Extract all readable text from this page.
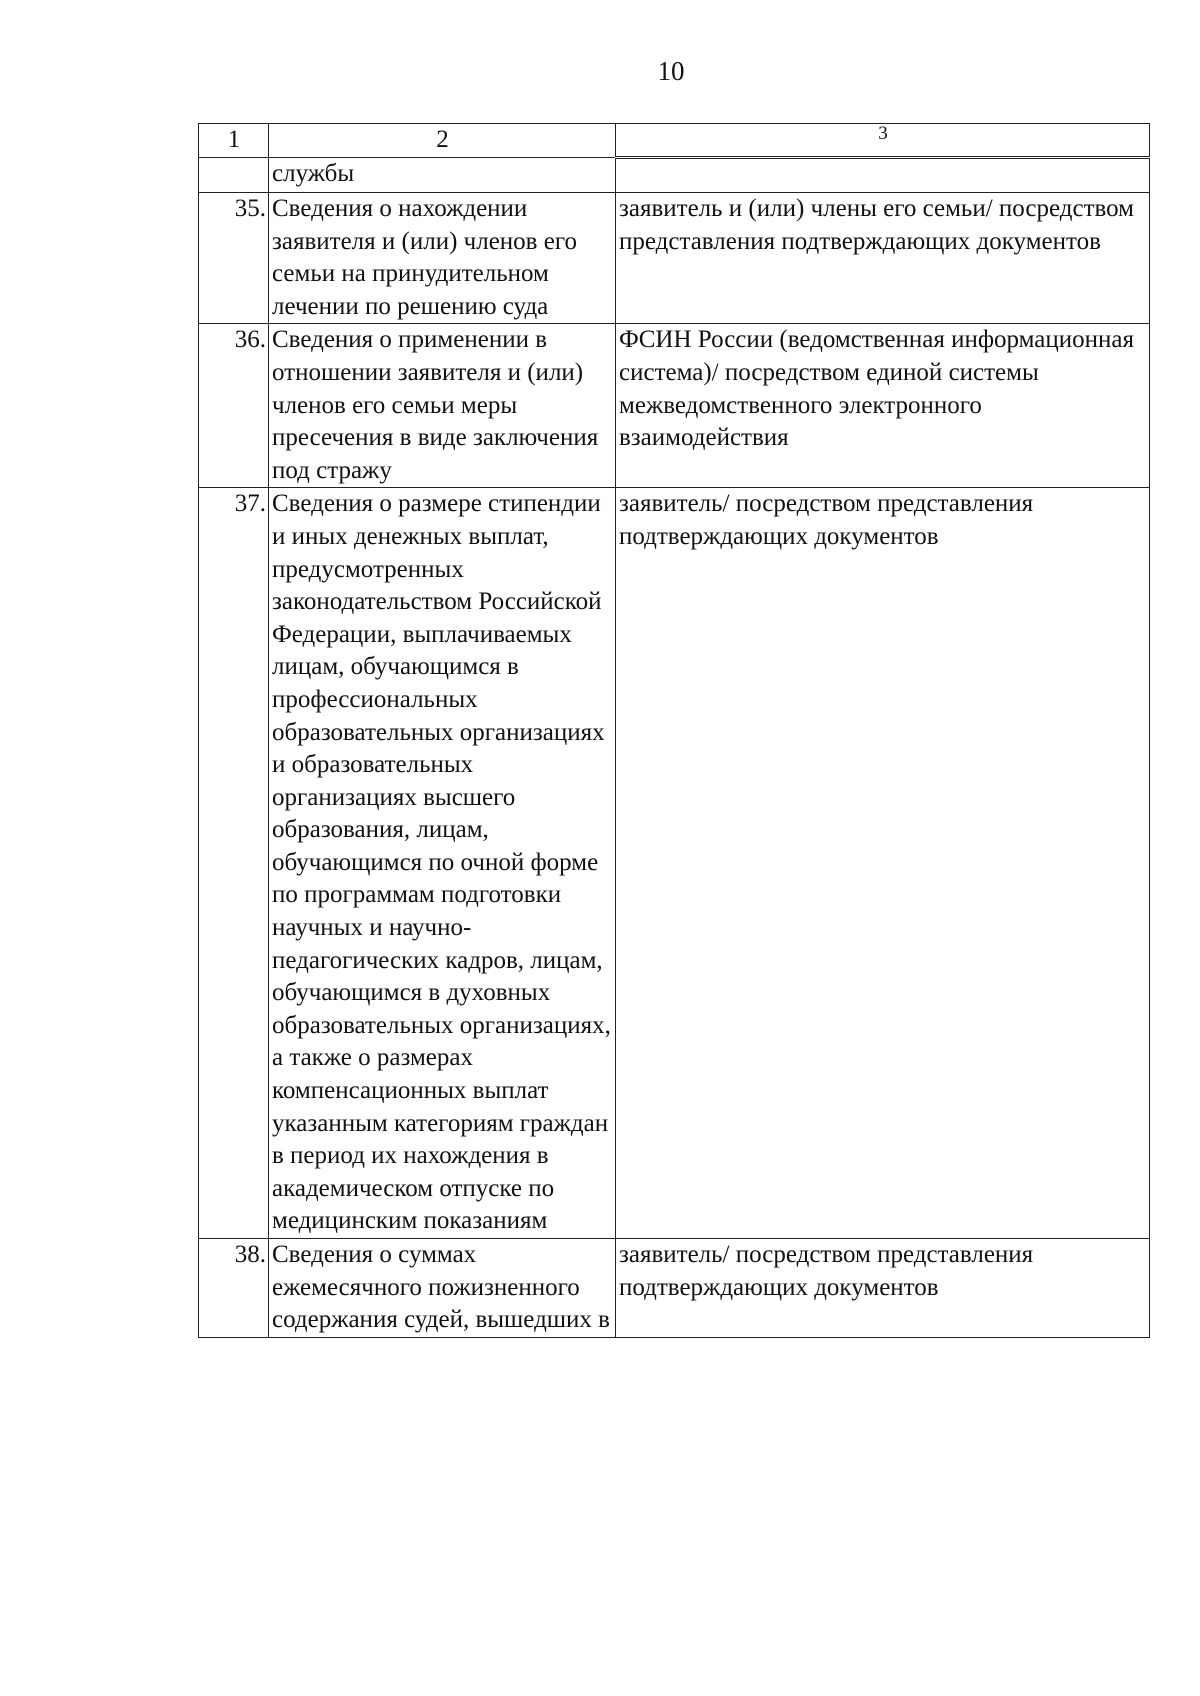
10
1	2	3
	службы	
35.	Сведения о нахождении заявителя и (или) членов его семьи на принудительном лечении по решению суда	заявитель и (или) члены его семьи/ посредством представления подтверждающих документов
36.	Сведения о применении в отношении заявителя и (или) членов его семьи меры пресечения в виде заключения под стражу	ФСИН России (ведомственная информационная система)/ посредством единой системы межведомственного электронного взаимодействия
37.	Сведения о размере стипендии и иных денежных выплат, предусмотренных законодательством Российской Федерации, выплачиваемых лицам, обучающимся в профессиональных образовательных организациях и образовательных организациях высшего образования, лицам, обучающимся по очной форме по программам подготовки научных и научно-педагогических кадров, лицам, обучающимся в духовных образовательных организациях, а также о размерах компенсационных выплат указанным категориям граждан в период их нахождения в академическом отпуске по медицинским показаниям	заявитель/ посредством представления подтверждающих документов
38.	Сведения о суммах ежемесячного пожизненного содержания судей, вышедших в	заявитель/ посредством представления подтверждающих документов
